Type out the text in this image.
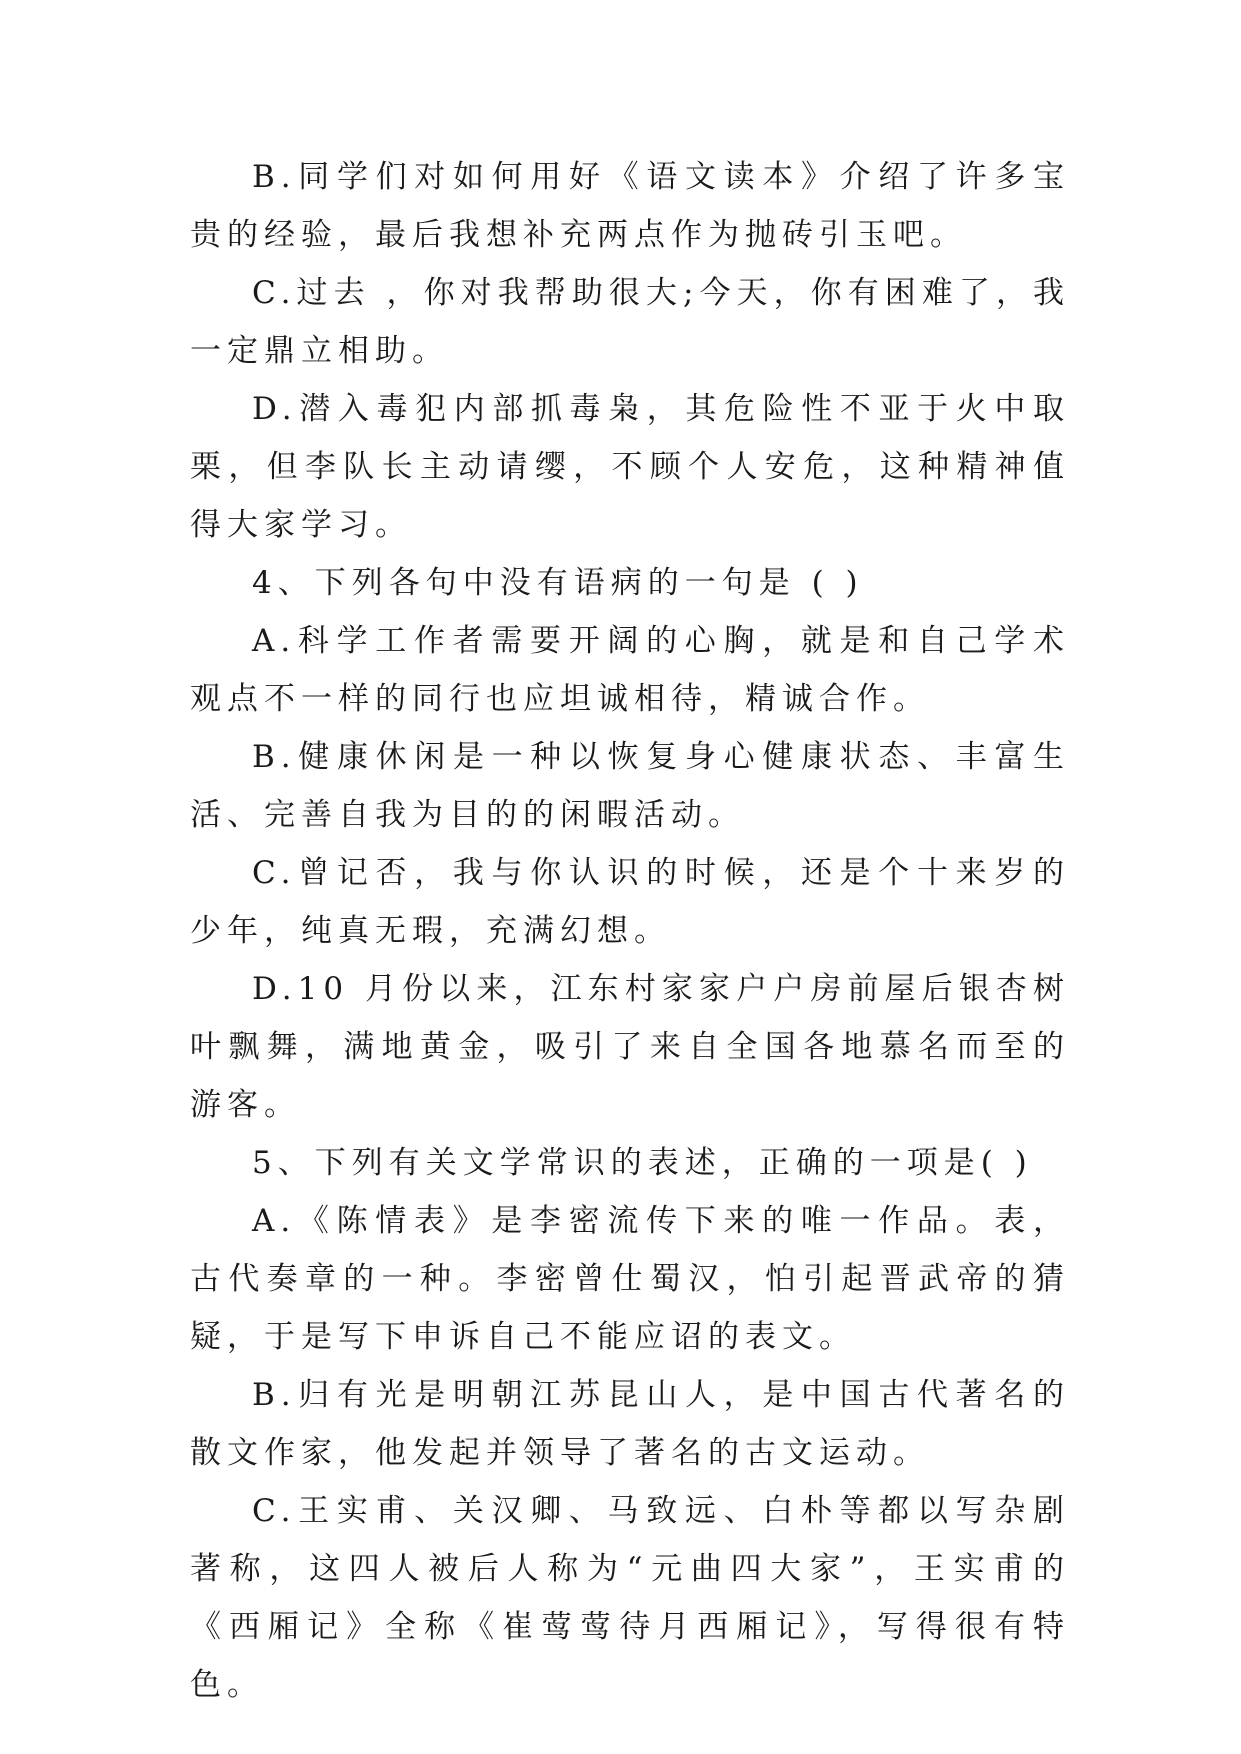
B.同学们对如何用好《语文读本》介绍了许多宝贵的经验，最后我想补充两点作为抛砖引玉吧。

C.过去 ，你对我帮助很大;今天，你有困难了，我一定鼎立相助。

D.潜入毒犯内部抓毒枭，其危险性不亚于火中取栗，但李队长主动请缨，不顾个人安危，这种精神值得大家学习。

4、下列各句中没有语病的一句是 ( )

A.科学工作者需要开阔的心胸，就是和自己学术观点不一样的同行也应坦诚相待，精诚合作。

B.健康休闲是一种以恢复身心健康状态、丰富生活、完善自我为目的的闲暇活动。

C.曾记否，我与你认识的时候，还是个十来岁的少年，纯真无瑕，充满幻想。

D.10 月份以来，江东村家家户户房前屋后银杏树叶飘舞，满地黄金，吸引了来自全国各地慕名而至的游客。

5、下列有关文学常识的表述，正确的一项是( )

A.《陈情表》是李密流传下来的唯一作品。表，古代奏章的一种。李密曾仕蜀汉，怕引起晋武帝的猜疑，于是写下申诉自己不能应诏的表文。

B.归有光是明朝江苏昆山人，是中国古代著名的散文作家，他发起并领导了著名的古文运动。

C.王实甫、关汉卿、马致远、白朴等都以写杂剧著称，这四人被后人称为“元曲四大家”，王实甫的《西厢记》全称《崔莺莺待月西厢记》，写得很有特色。
